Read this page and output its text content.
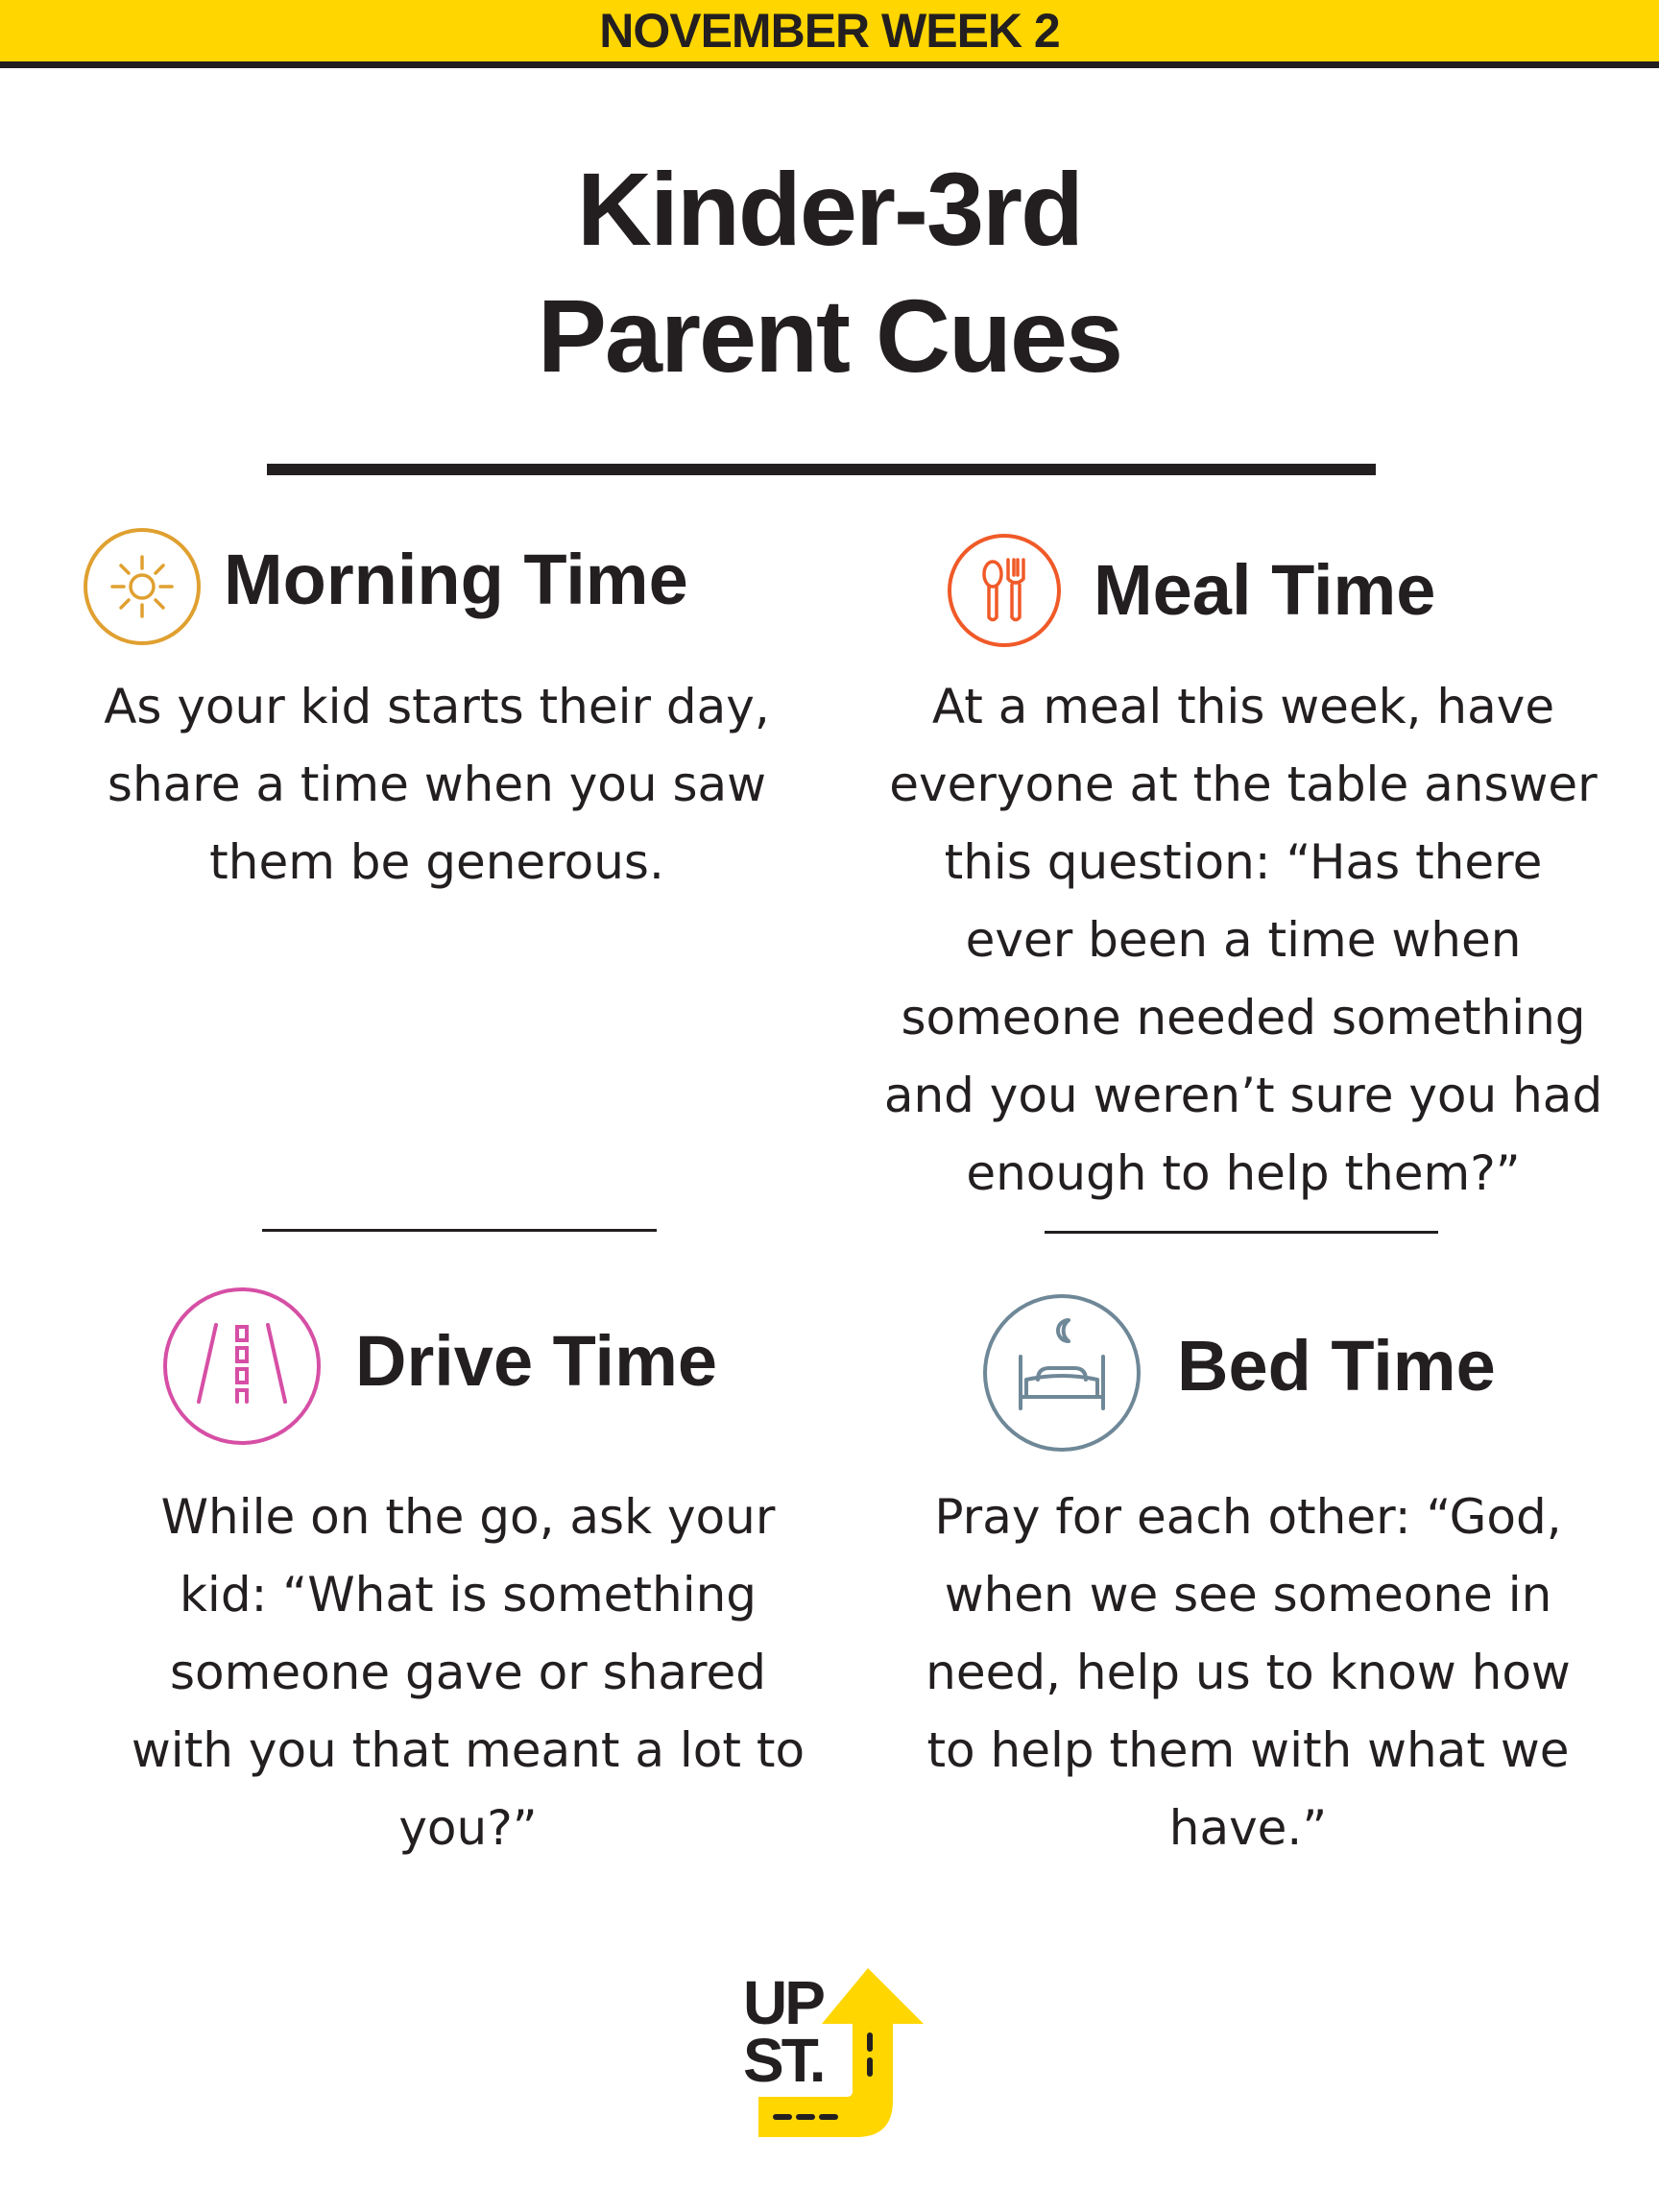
NOVEMBER WEEK 2
Kinder-3rd
Parent Cues
Morning Time
As your kid starts their day,
share a time when you saw
them be generous.
Meal Time
At a meal this week, have
everyone at the table answer
this question: “Has there
ever been a time when
someone needed something
and you weren’t sure you had
enough to help them?”
Drive Time
While on the go, ask your
kid: “What is something
someone gave or shared
with you that meant a lot to
you?”
Bed Time
Pray for each other: “God,
when we see someone in
need, help us to know how
to help them with what we
have.”
UP
ST.
